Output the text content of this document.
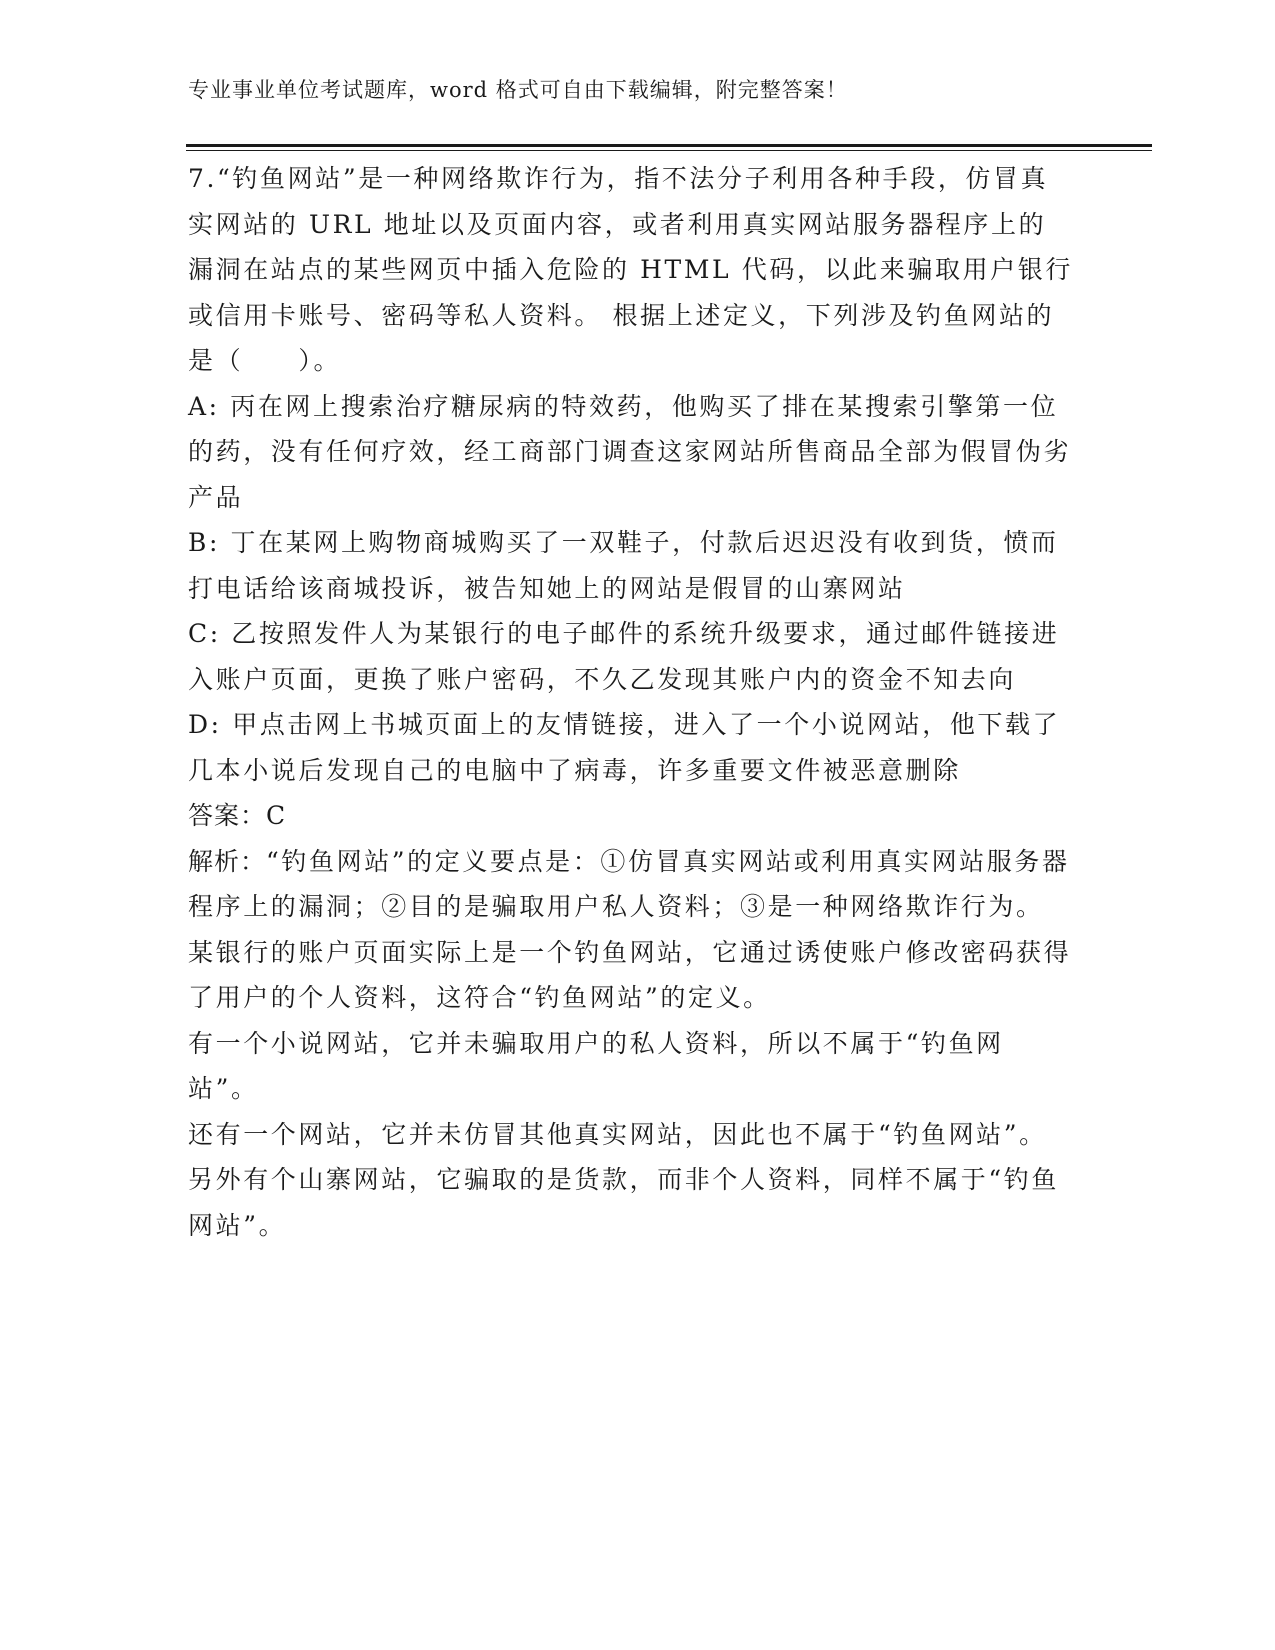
专业事业单位考试题库，word 格式可自由下载编辑，附完整答案！

7.“钓鱼网站”是一种网络欺诈行为，指不法分子利用各种手段，仿冒真实网站的 URL 地址以及页面内容，或者利用真实网站服务器程序上的漏洞在站点的某些网页中插入危险的 HTML 代码，以此来骗取用户银行或信用卡账号、密码等私人资料。 根据上述定义，下列涉及钓鱼网站的是（　　）。

A: 丙在网上搜索治疗糖尿病的特效药，他购买了排在某搜索引擎第一位的药，没有任何疗效，经工商部门调查这家网站所售商品全部为假冒伪劣产品

B: 丁在某网上购物商城购买了一双鞋子，付款后迟迟没有收到货，愤而打电话给该商城投诉，被告知她上的网站是假冒的山寨网站

C: 乙按照发件人为某银行的电子邮件的系统升级要求，通过邮件链接进入账户页面，更换了账户密码，不久乙发现其账户内的资金不知去向

D: 甲点击网上书城页面上的友情链接，进入了一个小说网站，他下载了几本小说后发现自己的电脑中了病毒，许多重要文件被恶意删除

答案：C

解析：“钓鱼网站”的定义要点是：①仿冒真实网站或利用真实网站服务器程序上的漏洞；②目的是骗取用户私人资料；③是一种网络欺诈行为。

某银行的账户页面实际上是一个钓鱼网站，它通过诱使账户修改密码获得了用户的个人资料，这符合“钓鱼网站”的定义。

有一个小说网站，它并未骗取用户的私人资料，所以不属于“钓鱼网站”。

还有一个网站，它并未仿冒其他真实网站，因此也不属于“钓鱼网站”。

另外有个山寨网站，它骗取的是货款，而非个人资料，同样不属于“钓鱼网站”。
